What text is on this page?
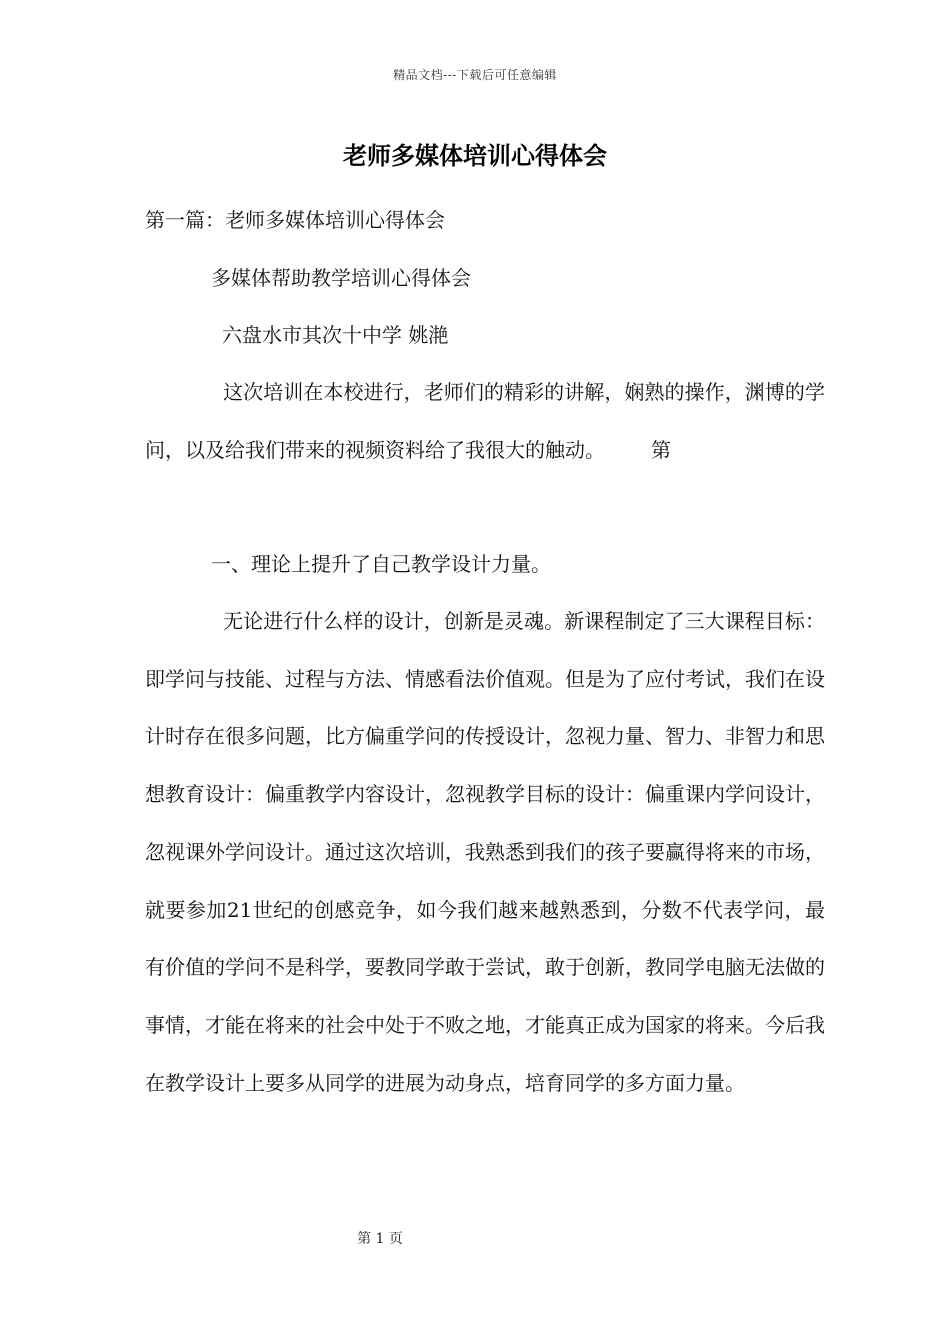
精品文档---下载后可任意编辑
老师多媒体培训心得体会
第一篇：老师多媒体培训心得体会
多媒体帮助教学培训心得体会
六盘水市其次十中学 姚滟
这次培训在本校进行，老师们的精彩的讲解，娴熟的操作，渊博的学问，以及给我们带来的视频资料给了我很大的触动。 第
一、理论上提升了自己教学设计力量。
无论进行什么样的设计，创新是灵魂。新课程制定了三大课程目标：即学问与技能、过程与方法、情感看法价值观。但是为了应付考试，我们在设计时存在很多问题，比方偏重学问的传授设计，忽视力量、智力、非智力和思想教育设计：偏重教学内容设计，忽视教学目标的设计：偏重课内学问设计，忽视课外学问设计。通过这次培训，我熟悉到我们的孩子要赢得将来的市场，就要参加21世纪的创感竞争，如今我们越来越熟悉到，分数不代表学问，最有价值的学问不是科学，要教同学敢于尝试，敢于创新，教同学电脑无法做的事情，才能在将来的社会中处于不败之地，才能真正成为国家的将来。今后我在教学设计上要多从同学的进展为动身点，培育同学的多方面力量。
第 1 页
